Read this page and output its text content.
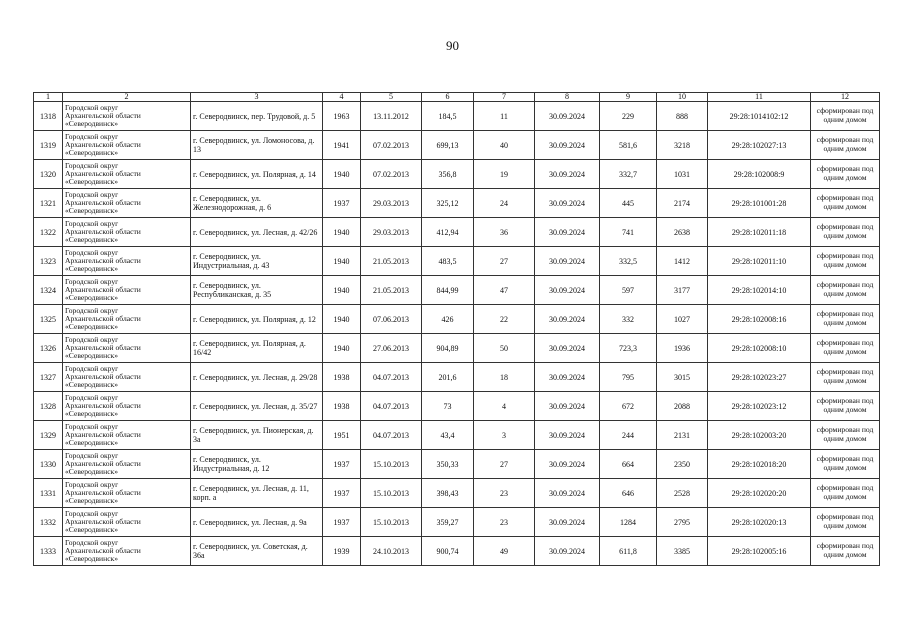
90
1	2	3	4	5	6	7	8	9	10	11	12
1318	Городской округ
Архангельской области
«Северодвинск»	г. Северодвинск, пер. Трудовой, д. 5	1963	13.11.2012	184,5	11	30.09.2024	229	888	29:28:1014102:12	сформирован под одним домом
1319	Городской округ
Архангельской области
«Северодвинск»	г. Северодвинск, ул. Ломоносова, д. 13	1941	07.02.2013	699,13	40	30.09.2024	581,6	3218	29:28:102027:13	сформирован под одним домом
1320	Городской округ
Архангельской области
«Северодвинск»	г. Северодвинск, ул. Полярная, д. 14	1940	07.02.2013	356,8	19	30.09.2024	332,7	1031	29:28:102008:9	сформирован под одним домом
1321	Городской округ
Архангельской области
«Северодвинск»	г. Северодвинск, ул. Железнодорожная, д. 6	1937	29.03.2013	325,12	24	30.09.2024	445	2174	29:28:101001:28	сформирован под одним домом
1322	Городской округ
Архангельской области
«Северодвинск»	г. Северодвинск, ул. Лесная, д. 42/26	1940	29.03.2013	412,94	36	30.09.2024	741	2638	29:28:102011:18	сформирован под одним домом
1323	Городской округ
Архангельской области
«Северодвинск»	г. Северодвинск, ул. Индустриальная, д. 43	1940	21.05.2013	483,5	27	30.09.2024	332,5	1412	29:28:102011:10	сформирован под одним домом
1324	Городской округ
Архангельской области
«Северодвинск»	г. Северодвинск, ул. Республиканская, д. 35	1940	21.05.2013	844,99	47	30.09.2024	597	3177	29:28:102014:10	сформирован под одним домом
1325	Городской округ
Архангельской области
«Северодвинск»	г. Северодвинск, ул. Полярная, д. 12	1940	07.06.2013	426	22	30.09.2024	332	1027	29:28:102008:16	сформирован под одним домом
1326	Городской округ
Архангельской области
«Северодвинск»	г. Северодвинск, ул. Полярная, д. 16/42	1940	27.06.2013	904,89	50	30.09.2024	723,3	1936	29:28:102008:10	сформирован под одним домом
1327	Городской округ
Архангельской области
«Северодвинск»	г. Северодвинск, ул. Лесная, д. 29/28	1938	04.07.2013	201,6	18	30.09.2024	795	3015	29:28:102023:27	сформирован под одним домом
1328	Городской округ
Архангельской области
«Северодвинск»	г. Северодвинск, ул. Лесная, д. 35/27	1938	04.07.2013	73	4	30.09.2024	672	2088	29:28:102023:12	сформирован под одним домом
1329	Городской округ
Архангельской области
«Северодвинск»	г. Северодвинск, ул. Пионерская, д. 3а	1951	04.07.2013	43,4	3	30.09.2024	244	2131	29:28:102003:20	сформирован под одним домом
1330	Городской округ
Архангельской области
«Северодвинск»	г. Северодвинск, ул. Индустриальная, д. 12	1937	15.10.2013	350,33	27	30.09.2024	664	2350	29:28:102018:20	сформирован под одним домом
1331	Городской округ
Архангельской области
«Северодвинск»	г. Северодвинск, ул. Лесная, д. 11, корп. а	1937	15.10.2013	398,43	23	30.09.2024	646	2528	29:28:102020:20	сформирован под одним домом
1332	Городской округ
Архангельской области
«Северодвинск»	г. Северодвинск, ул. Лесная, д. 9а	1937	15.10.2013	359,27	23	30.09.2024	1284	2795	29:28:102020:13	сформирован под одним домом
1333	Городской округ
Архангельской области
«Северодвинск»	г. Северодвинск, ул. Советская, д. 36а	1939	24.10.2013	900,74	49	30.09.2024	611,8	3385	29:28:102005:16	сформирован под одним домом
